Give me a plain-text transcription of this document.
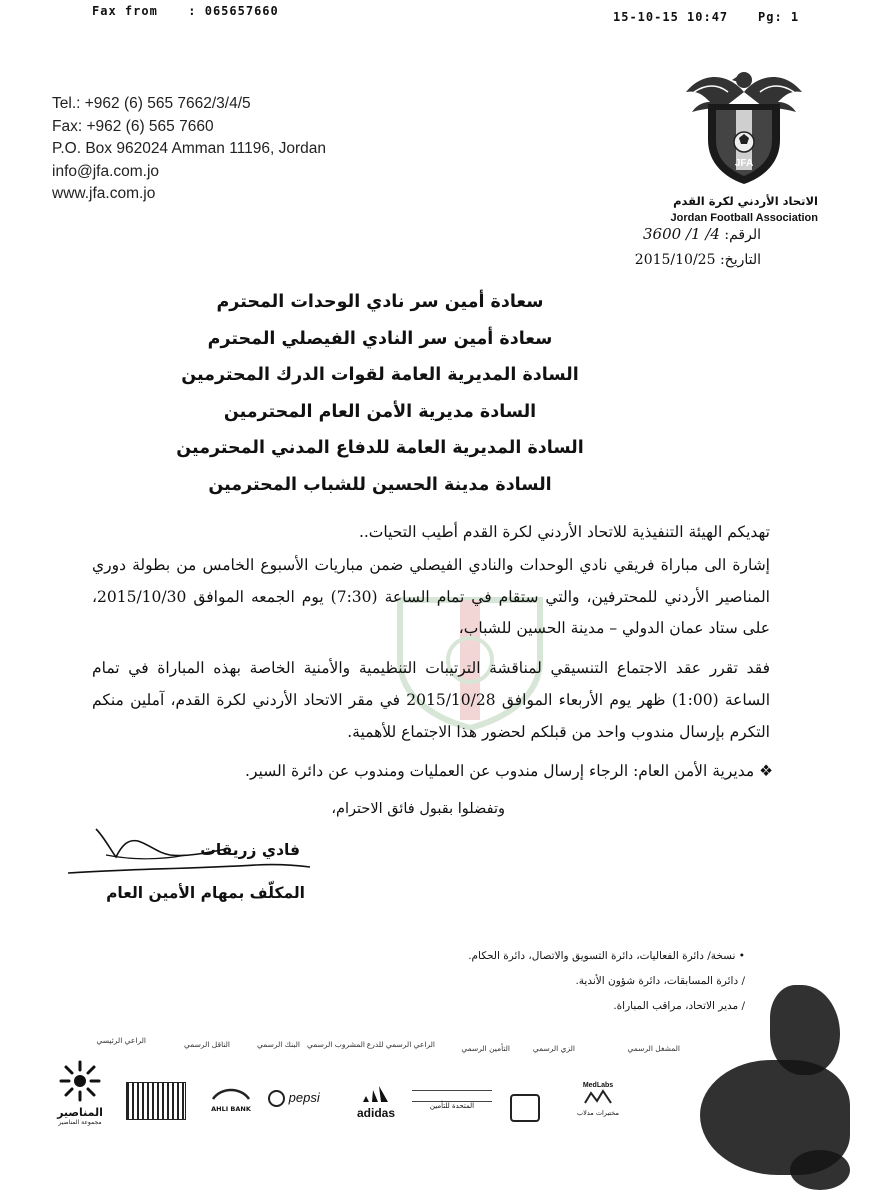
Fax from	: 065657660	15-10-15 10:47 Pg: 1
Tel.: +962 (6) 565 7662/3/4/5
Fax: +962 (6) 565 7660
P.O. Box 962024 Amman 11196, Jordan
info@jfa.com.jo
www.jfa.com.jo
JFA
الاتحاد الأردني لكرة القدم
Jordan Football Association
الرقم: 4/ 1/ 3600
التاريخ: 2015/10/25
سعادة أمين سر نادي الوحدات المحترم
سعادة أمين سر النادي الفيصلي المحترم
السادة المديرية العامة لقوات الدرك المحترمين
السادة مديرية الأمن العام المحترمين
السادة المديرية العامة للدفاع المدني المحترمين
السادة مدينة الحسين للشباب المحترمين
تهديكم الهيئة التنفيذية للاتحاد الأردني لكرة القدم أطيب التحيات..
إشارة الى مباراة فريقي نادي الوحدات والنادي الفيصلي ضمن مباريات الأسبوع الخامس من بطولة دوري المناصير الأردني للمحترفين، والتي ستقام في تمام الساعة (7:30) يوم الجمعه الموافق 2015/10/30، على ستاد عمان الدولي – مدينة الحسين للشباب،
فقد تقرر عقد الاجتماع التنسيقي لمناقشة الترتيبات التنظيمية والأمنية الخاصة بهذه المباراة في تمام الساعة (1:00) ظهر يوم الأربعاء الموافق 2015/10/28 في مقر الاتحاد الأردني لكرة القدم، آملين منكم التكرم بإرسال مندوب واحد من قبلكم لحضور هذا الاجتماع للأهمية.
❖ مديرية الأمن العام: الرجاء إرسال مندوب عن العمليات ومندوب عن دائرة السير.
وتفضلوا بقبول فائق الاحترام،
فادي زريقات
المكلّف بمهام الأمين العام
• نسخة/ دائرة الفعاليات، دائرة التسويق والاتصال، دائرة الحكام.
/ دائرة المسابقات، دائرة شؤون الأندية.
/ مدير الاتحاد، مراقب المباراة.
الراعي الرئيسي	الناقل الرسمي	البنك الرسمي المشروب الرسمي الراعي الرسمي للدرع	التأمين الرسمي	الزي الرسمي	المشغل الرسمي
المناصير
مجموعة المناصير
AHLI BANK
pepsi
adidas	المتحدة للتأمين
MedLabs
مختبرات مدلاب
